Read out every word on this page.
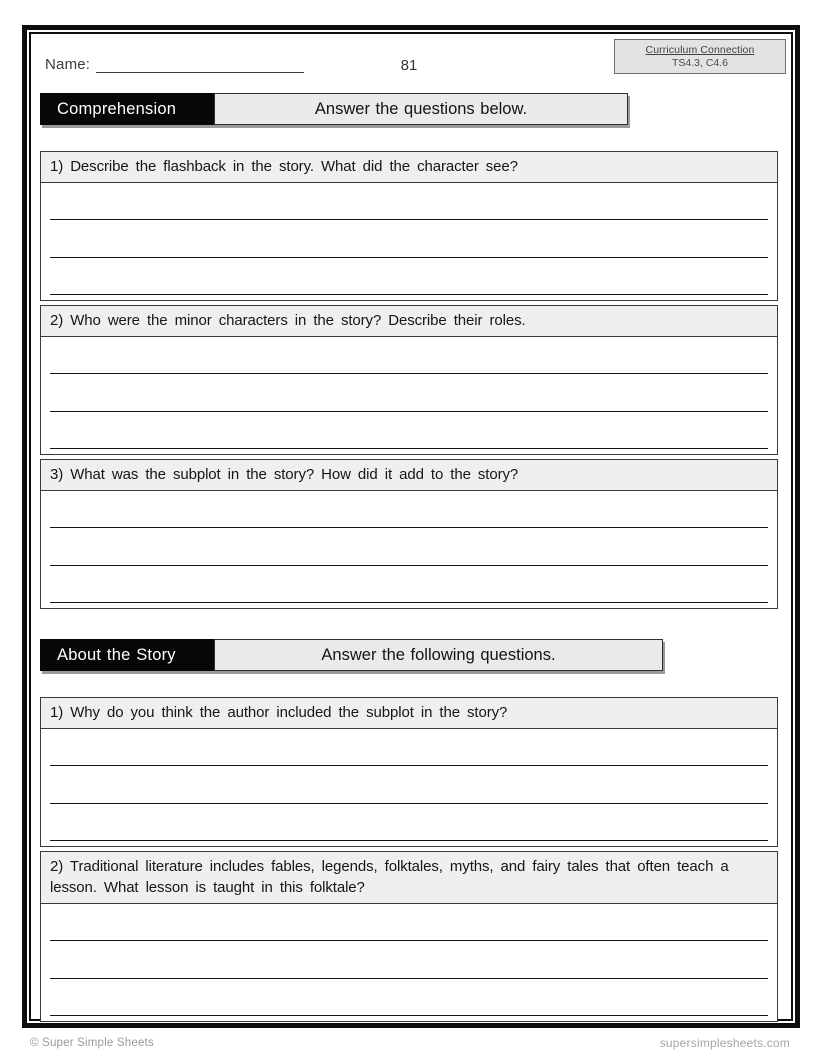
Name:	81
Curriculum Connection
TS4.3, C4.6
Comprehension	Answer the questions below.
1) Describe the flashback in the story. What did the character see?
2) Who were the minor characters in the story? Describe their roles.
3) What was the subplot in the story? How did it add to the story?
About the Story	Answer the following questions.
1) Why do you think the author included the subplot in the story?
2) Traditional literature includes fables, legends, folktales, myths, and fairy tales that often teach a lesson. What lesson is taught in this folktale?
© Super Simple Sheets	supersimplesheets.com
